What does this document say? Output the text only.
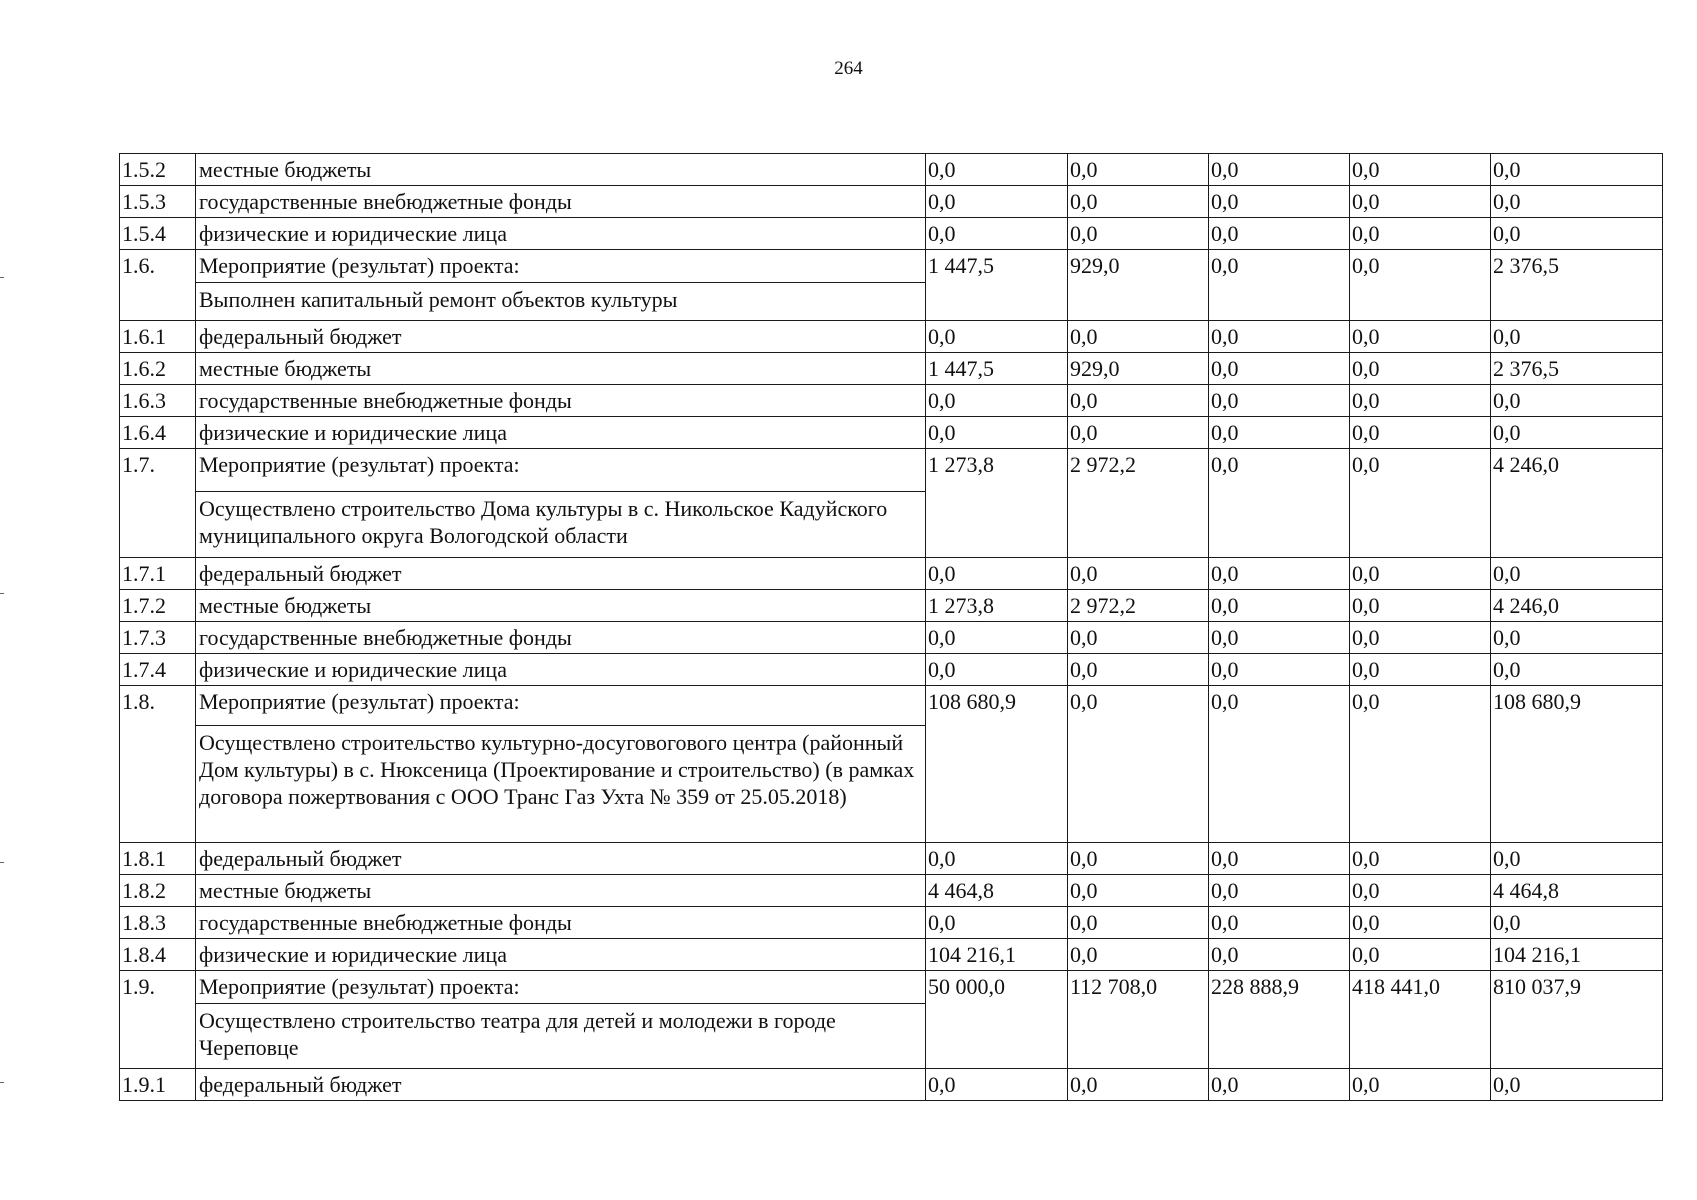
264
1.5.2	местные бюджеты	0,0	0,0	0,0	0,0	0,0
1.5.3	государственные внебюджетные фонды	0,0	0,0	0,0	0,0	0,0
1.5.4	физические и юридические лица	0,0	0,0	0,0	0,0	0,0
1.6.	Мероприятие (результат) проекта:	1 447,5	929,0	0,0	0,0	2 376,5
	Выполнен капитальный ремонт объектов культуры					
1.6.1	федеральный бюджет	0,0	0,0	0,0	0,0	0,0
1.6.2	местные бюджеты	1 447,5	929,0	0,0	0,0	2 376,5
1.6.3	государственные внебюджетные фонды	0,0	0,0	0,0	0,0	0,0
1.6.4	физические и юридические лица	0,0	0,0	0,0	0,0	0,0
1.7.	Мероприятие (результат) проекта:	1 273,8	2 972,2	0,0	0,0	4 246,0
	Осуществлено строительство Дома культуры в с. Никольское Кадуйского муниципального округа Вологодской области					
1.7.1	федеральный бюджет	0,0	0,0	0,0	0,0	0,0
1.7.2	местные бюджеты	1 273,8	2 972,2	0,0	0,0	4 246,0
1.7.3	государственные внебюджетные фонды	0,0	0,0	0,0	0,0	0,0
1.7.4	физические и юридические лица	0,0	0,0	0,0	0,0	0,0
1.8.	Мероприятие (результат) проекта:	108 680,9	0,0	0,0	0,0	108 680,9
	Осуществлено строительство культурно-досуговогового центра (районный Дом культуры) в с. Нюксеница (Проектирование и строительство) (в рамках договора пожертвования с ООО Транс Газ Ухта № 359 от 25.05.2018)					
1.8.1	федеральный бюджет	0,0	0,0	0,0	0,0	0,0
1.8.2	местные бюджеты	4 464,8	0,0	0,0	0,0	4 464,8
1.8.3	государственные внебюджетные фонды	0,0	0,0	0,0	0,0	0,0
1.8.4	физические и юридические лица	104 216,1	0,0	0,0	0,0	104 216,1
1.9.	Мероприятие (результат) проекта:	50 000,0	112 708,0	228 888,9	418 441,0	810 037,9
	Осуществлено строительство театра для детей и молодежи в городе Череповце					
1.9.1	федеральный бюджет	0,0	0,0	0,0	0,0	0,0
